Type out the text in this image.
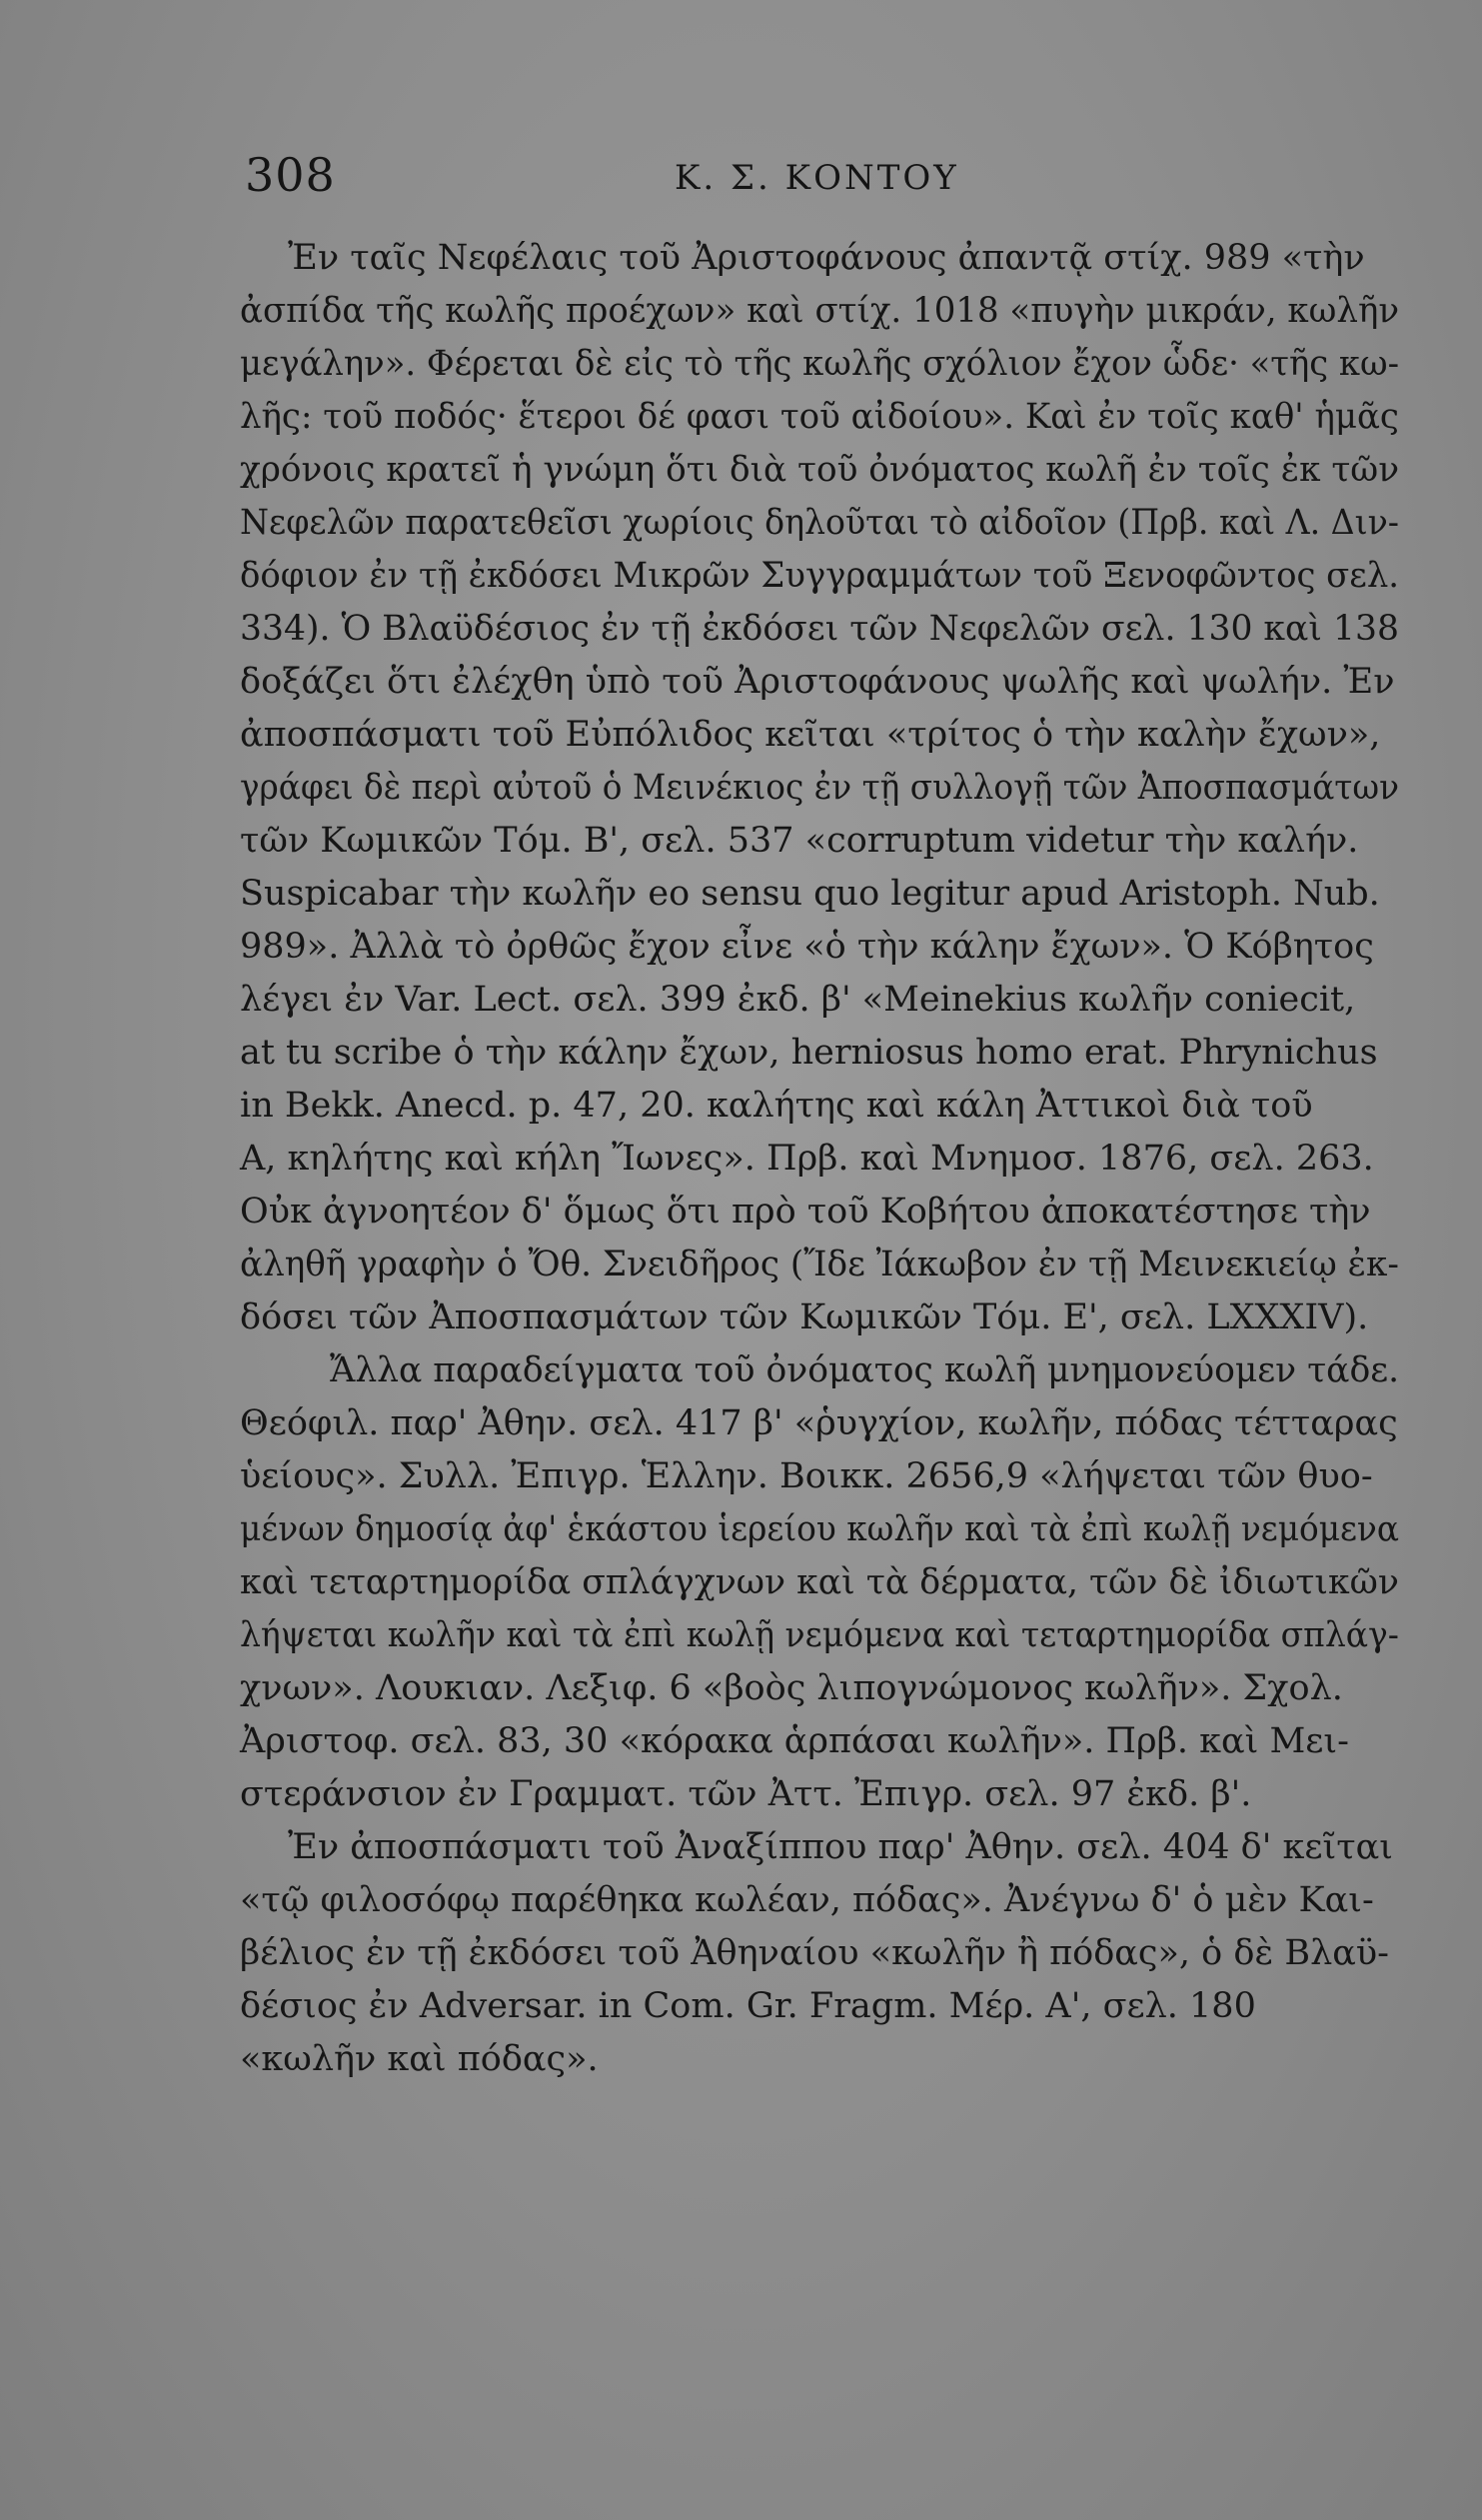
308	Κ. Σ. ΚΟΝΤΟΥ
Ἐν ταῖς Νεφέλαις τοῦ Ἀριστοφάνους ἀπαντᾷ στίχ. 989 «τὴν
ἀσπίδα τῆς κωλῆς προέχων» καὶ στίχ. 1018 «πυγὴν μικράν, κωλῆν
μεγάλην». Φέρεται δὲ εἰς τὸ τῆς κωλῆς σχόλιον ἔχον ὧδε· «τῆς κω-
λῆς: τοῦ ποδός· ἕτεροι δέ φασι τοῦ αἰδοίου». Καὶ ἐν τοῖς καθ' ἡμᾶς
χρόνοις κρατεῖ ἡ γνώμη ὅτι διὰ τοῦ ὀνόματος κωλῆ ἐν τοῖς ἐκ τῶν
Νεφελῶν παρατεθεῖσι χωρίοις δηλοῦται τὸ αἰδοῖον (Πρβ. καὶ Λ. Διν-
δόφιον ἐν τῇ ἐκδόσει Μικρῶν Συγγραμμάτων τοῦ Ξενοφῶντος σελ.
334). Ὁ Βλαϋδέσιος ἐν τῇ ἐκδόσει τῶν Νεφελῶν σελ. 130 καὶ 138
δοξάζει ὅτι ἐλέχθη ὑπὸ τοῦ Ἀριστοφάνους ψωλῆς καὶ ψωλήν. Ἐν
ἀποσπάσματι τοῦ Εὐπόλιδος κεῖται «τρίτος ὁ τὴν καλὴν ἔχων»,
γράφει δὲ περὶ αὐτοῦ ὁ Μεινέκιος ἐν τῇ συλλογῇ τῶν Ἀποσπασμάτων
τῶν Κωμικῶν Τόμ. Β', σελ. 537 «corruptum videtur τὴν καλήν.
Suspicabar τὴν κωλῆν eo sensu quo legitur apud Aristoph. Nub.
989». Ἀλλὰ τὸ ὀρθῶς ἔχον εἶνε «ὁ τὴν κάλην ἔχων». Ὁ Κόβητος
λέγει ἐν Var. Lect. σελ. 399 ἐκδ. β' «Meinekius κωλῆν coniecit,
at tu scribe ὁ τὴν κάλην ἔχων, herniosus homo erat. Phrynichus
in Bekk. Anecd. p. 47, 20. καλήτης καὶ κάλη Ἀττικοὶ διὰ τοῦ
Α, κηλήτης καὶ κήλη Ἴωνες». Πρβ. καὶ Μνημοσ. 1876, σελ. 263.
Οὐκ ἀγνοητέον δ' ὅμως ὅτι πρὸ τοῦ Κοβήτου ἀποκατέστησε τὴν
ἀληθῆ γραφὴν ὁ Ὄθ. Σνειδῆρος (Ἴδε Ἰάκωβον ἐν τῇ Μεινεκιείῳ ἐκ-
δόσει τῶν Ἀποσπασμάτων τῶν Κωμικῶν Τόμ. Ε', σελ. LXXXIV).
Ἄλλα παραδείγματα τοῦ ὀνόματος κωλῆ μνημονεύομεν τάδε.
Θεόφιλ. παρ' Ἀθην. σελ. 417 β' «ῥυγχίον, κωλῆν, πόδας τέτταρας
ὑείους». Συλλ. Ἐπιγρ. Ἑλλην. Βοικκ. 2656,9 «λήψεται τῶν θυο-
μένων δημοσίᾳ ἀφ' ἑκάστου ἱερείου κωλῆν καὶ τὰ ἐπὶ κωλῇ νεμόμενα
καὶ τεταρτημορίδα σπλάγχνων καὶ τὰ δέρματα, τῶν δὲ ἰδιωτικῶν
λήψεται κωλῆν καὶ τὰ ἐπὶ κωλῇ νεμόμενα καὶ τεταρτημορίδα σπλάγ-
χνων». Λουκιαν. Λεξιφ. 6 «βοὸς λιπογνώμονος κωλῆν». Σχολ.
Ἀριστοφ. σελ. 83, 30 «κόρακα ἁρπάσαι κωλῆν». Πρβ. καὶ Μει-
στεράνσιον ἐν Γραμματ. τῶν Ἀττ. Ἐπιγρ. σελ. 97 ἐκδ. β'.
Ἐν ἀποσπάσματι τοῦ Ἀναξίππου παρ' Ἀθην. σελ. 404 δ' κεῖται
«τῷ φιλοσόφῳ παρέθηκα κωλέαν, πόδας». Ἀνέγνω δ' ὁ μὲν Και-
βέλιος ἐν τῇ ἐκδόσει τοῦ Ἀθηναίου «κωλῆν ἢ πόδας», ὁ δὲ Βλαϋ-
δέσιος ἐν Adversar. in Com. Gr. Fragm. Μέρ. Α', σελ. 180
«κωλῆν καὶ πόδας».
